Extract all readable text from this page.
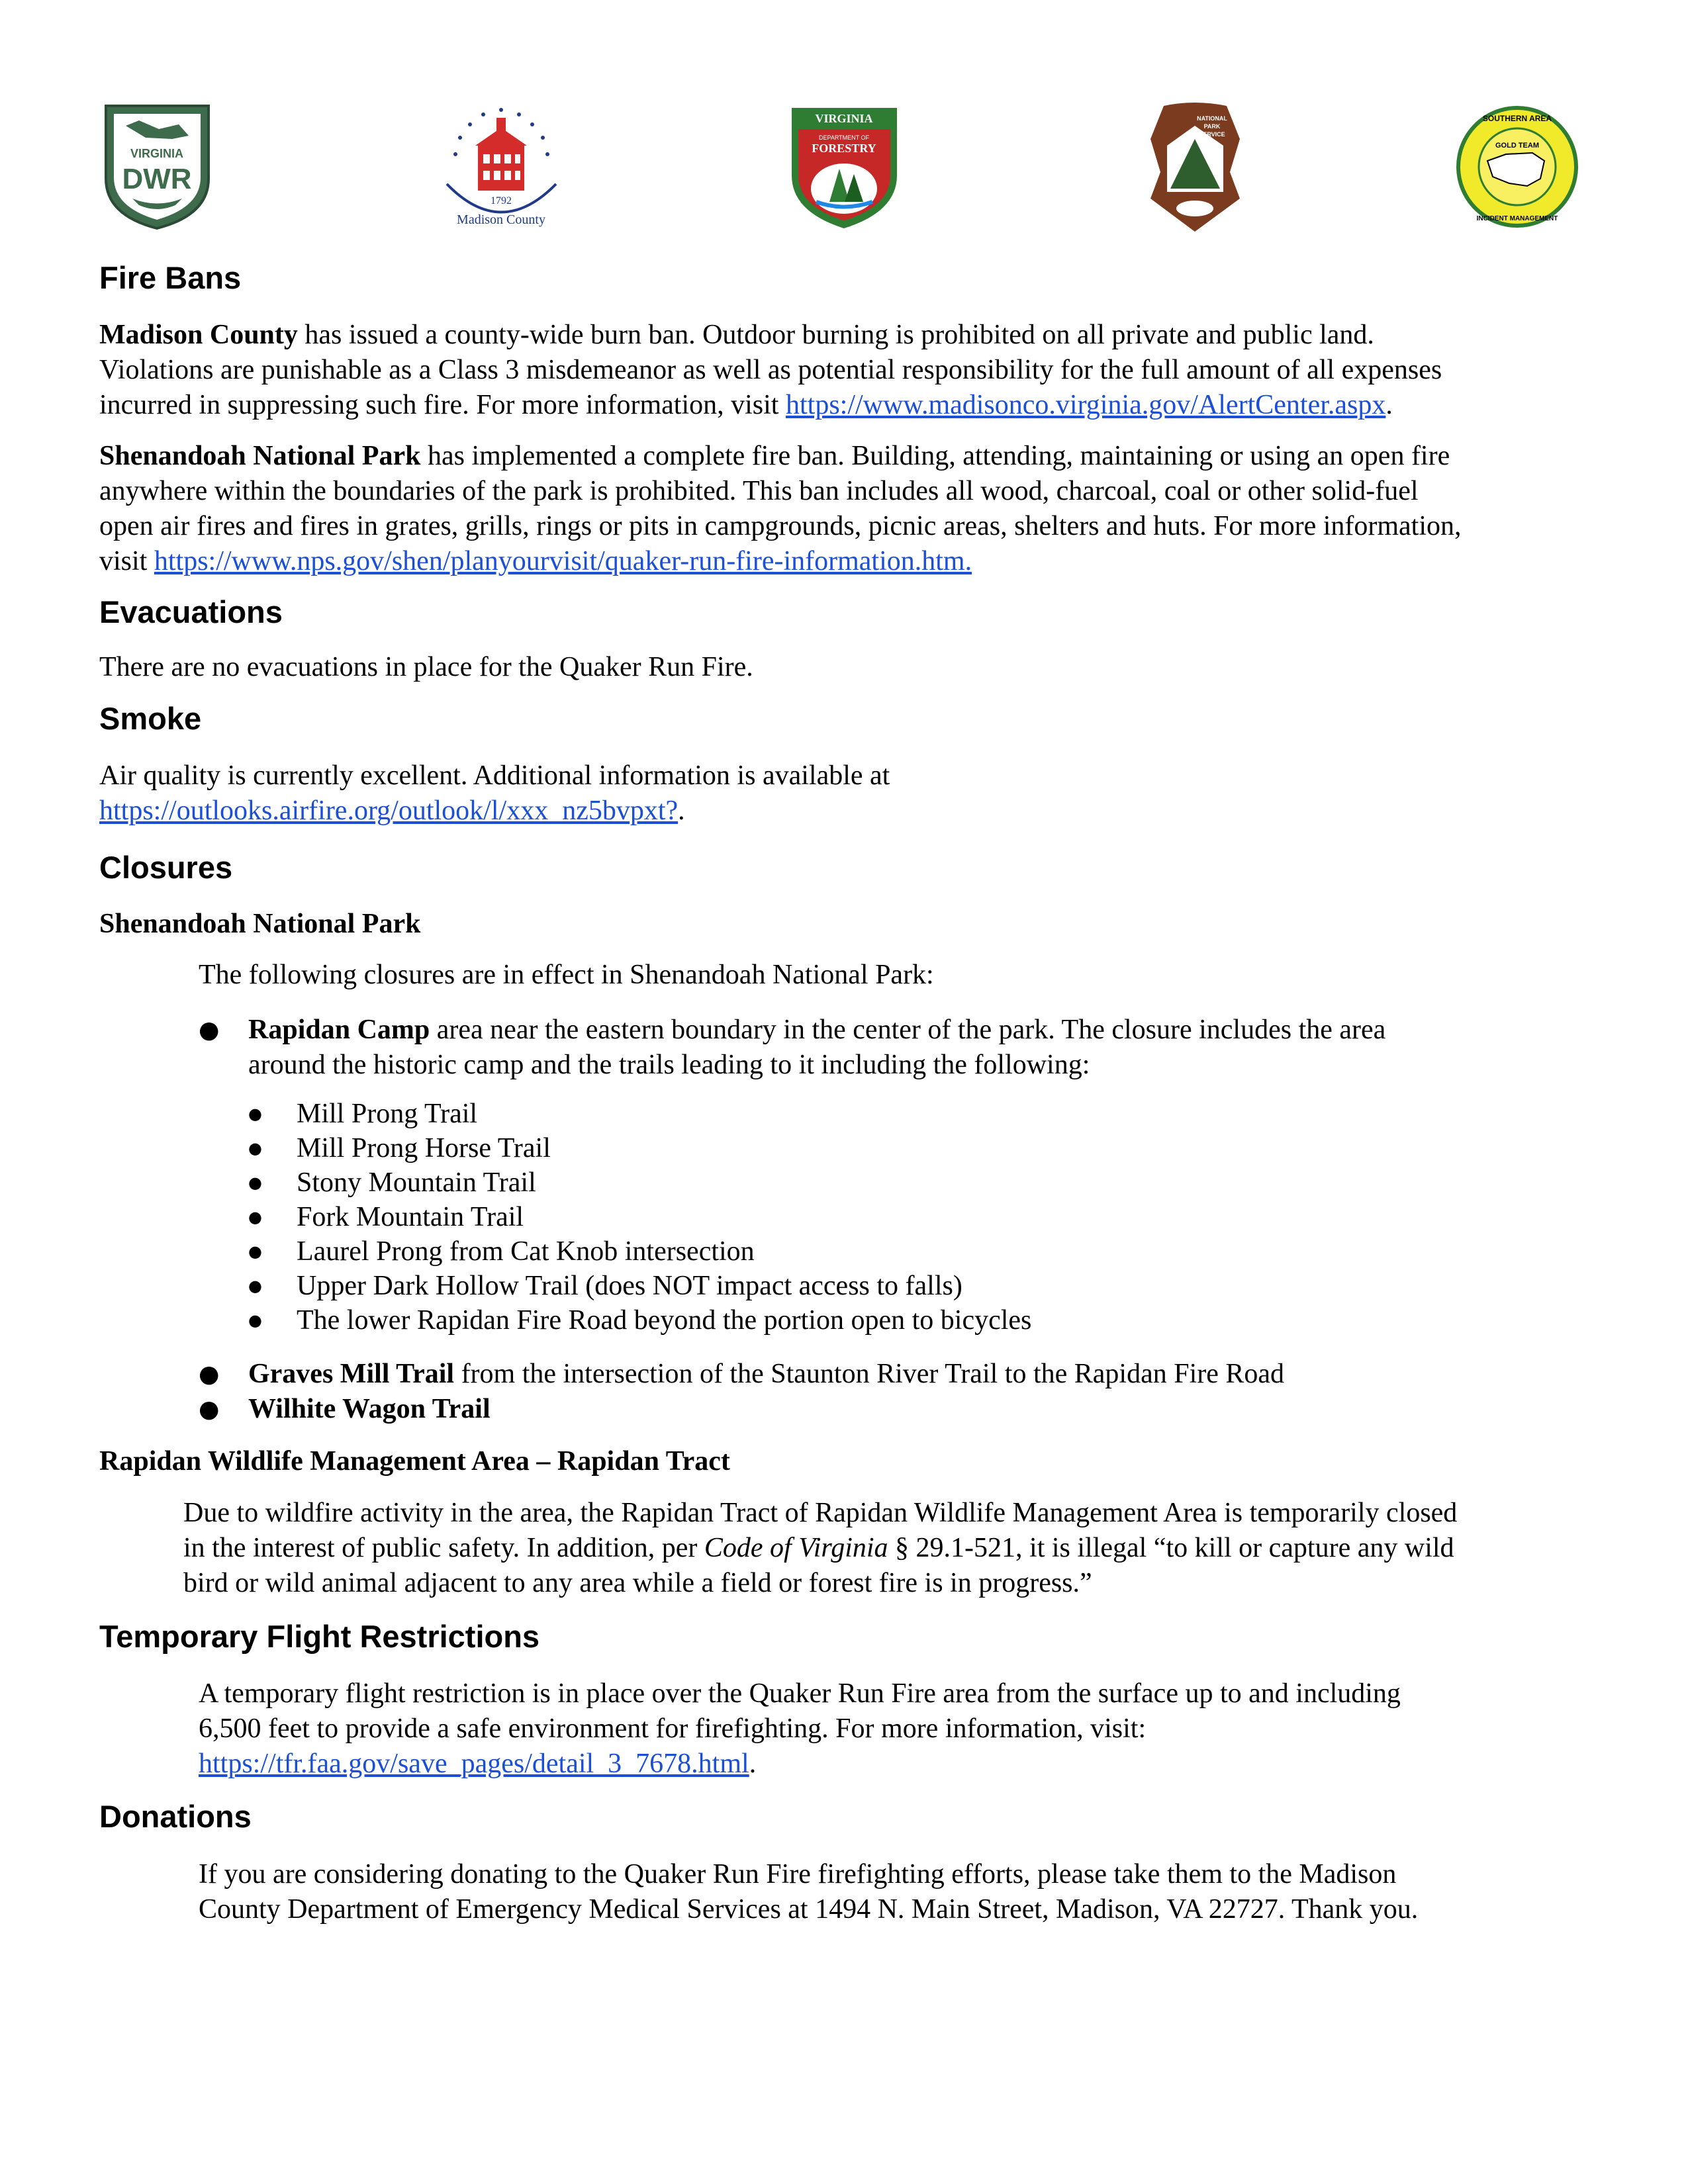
VIRGINIA
DWR
1792
Madison County
VIRGINIA
DEPARTMENT OF
FORESTRY
NATIONAL
PARK
SERVICE
GOLD TEAM
SOUTHERN AREA
INCIDENT MANAGEMENT
Fire Bans
Madison County has issued a county-wide burn ban. Outdoor burning is prohibited on all private and public land.
Violations are punishable as a Class 3 misdemeanor as well as potential responsibility for the full amount of all expenses
incurred in suppressing such fire. For more information, visit https://www.madisonco.virginia.gov/AlertCenter.aspx.
Shenandoah National Park has implemented a complete fire ban. Building, attending, maintaining or using an open fire
anywhere within the boundaries of the park is prohibited. This ban includes all wood, charcoal, coal or other solid-fuel
open air fires and fires in grates, grills, rings or pits in campgrounds, picnic areas, shelters and huts. For more information,
visit https://www.nps.gov/shen/planyourvisit/quaker-run-fire-information.htm.
Evacuations
There are no evacuations in place for the Quaker Run Fire.
Smoke
Air quality is currently excellent. Additional information is available at
https://outlooks.airfire.org/outlook/l/xxx_nz5bvpxt?.
Closures
Shenandoah National Park
The following closures are in effect in Shenandoah National Park:
● Rapidan Camp area near the eastern boundary in the center of the park. The closure includes the area
around the historic camp and the trails leading to it including the following:
● Mill Prong Trail
● Mill Prong Horse Trail
● Stony Mountain Trail
● Fork Mountain Trail
● Laurel Prong from Cat Knob intersection
● Upper Dark Hollow Trail (does NOT impact access to falls)
● The lower Rapidan Fire Road beyond the portion open to bicycles
● Graves Mill Trail from the intersection of the Staunton River Trail to the Rapidan Fire Road
● Wilhite Wagon Trail
Rapidan Wildlife Management Area – Rapidan Tract
Due to wildfire activity in the area, the Rapidan Tract of Rapidan Wildlife Management Area is temporarily closed
in the interest of public safety. In addition, per Code of Virginia § 29.1-521, it is illegal “to kill or capture any wild
bird or wild animal adjacent to any area while a field or forest fire is in progress.”
Temporary Flight Restrictions
A temporary flight restriction is in place over the Quaker Run Fire area from the surface up to and including
6,500 feet to provide a safe environment for firefighting. For more information, visit:
https://tfr.faa.gov/save_pages/detail_3_7678.html.
Donations
If you are considering donating to the Quaker Run Fire firefighting efforts, please take them to the Madison
County Department of Emergency Medical Services at 1494 N. Main Street, Madison, VA 22727. Thank you.
